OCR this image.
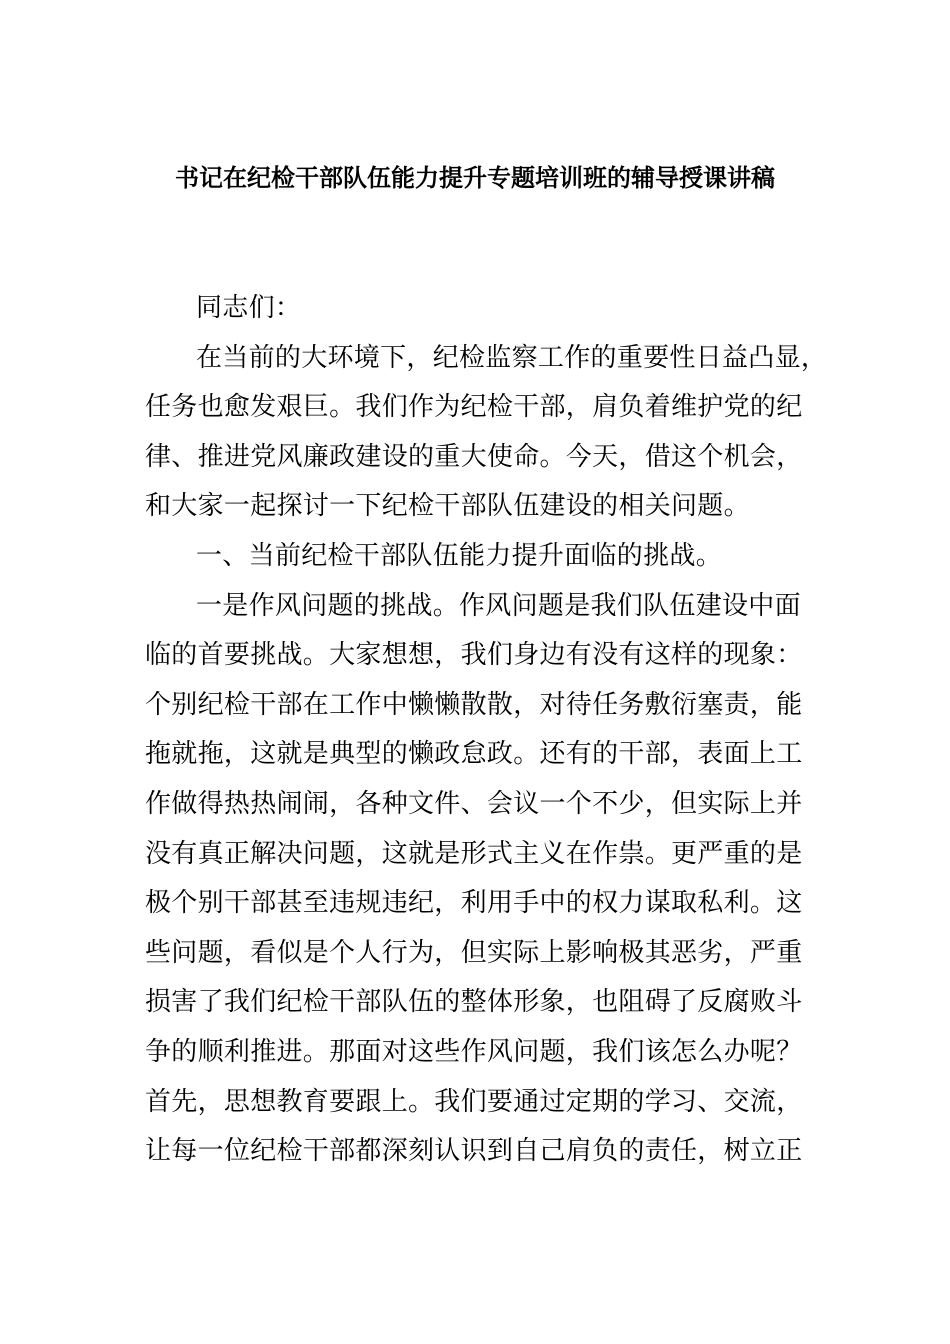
书记在纪检干部队伍能力提升专题培训班的辅导授课讲稿
同志们：
在当前的大环境下，纪检监察工作的重要性日益凸显，
任务也愈发艰巨。我们作为纪检干部，肩负着维护党的纪
律、推进党风廉政建设的重大使命。今天，借这个机会，
和大家一起探讨一下纪检干部队伍建设的相关问题。
一、当前纪检干部队伍能力提升面临的挑战。
一是作风问题的挑战。作风问题是我们队伍建设中面
临的首要挑战。大家想想，我们身边有没有这样的现象：
个别纪检干部在工作中懒懒散散，对待任务敷衍塞责，能
拖就拖，这就是典型的懒政怠政。还有的干部，表面上工
作做得热热闹闹，各种文件、会议一个不少，但实际上并
没有真正解决问题，这就是形式主义在作祟。更严重的是
极个别干部甚至违规违纪，利用手中的权力谋取私利。这
些问题，看似是个人行为，但实际上影响极其恶劣，严重
损害了我们纪检干部队伍的整体形象，也阻碍了反腐败斗
争的顺利推进。那面对这些作风问题，我们该怎么办呢？
首先，思想教育要跟上。我们要通过定期的学习、交流，
让每一位纪检干部都深刻认识到自己肩负的责任，树立正
